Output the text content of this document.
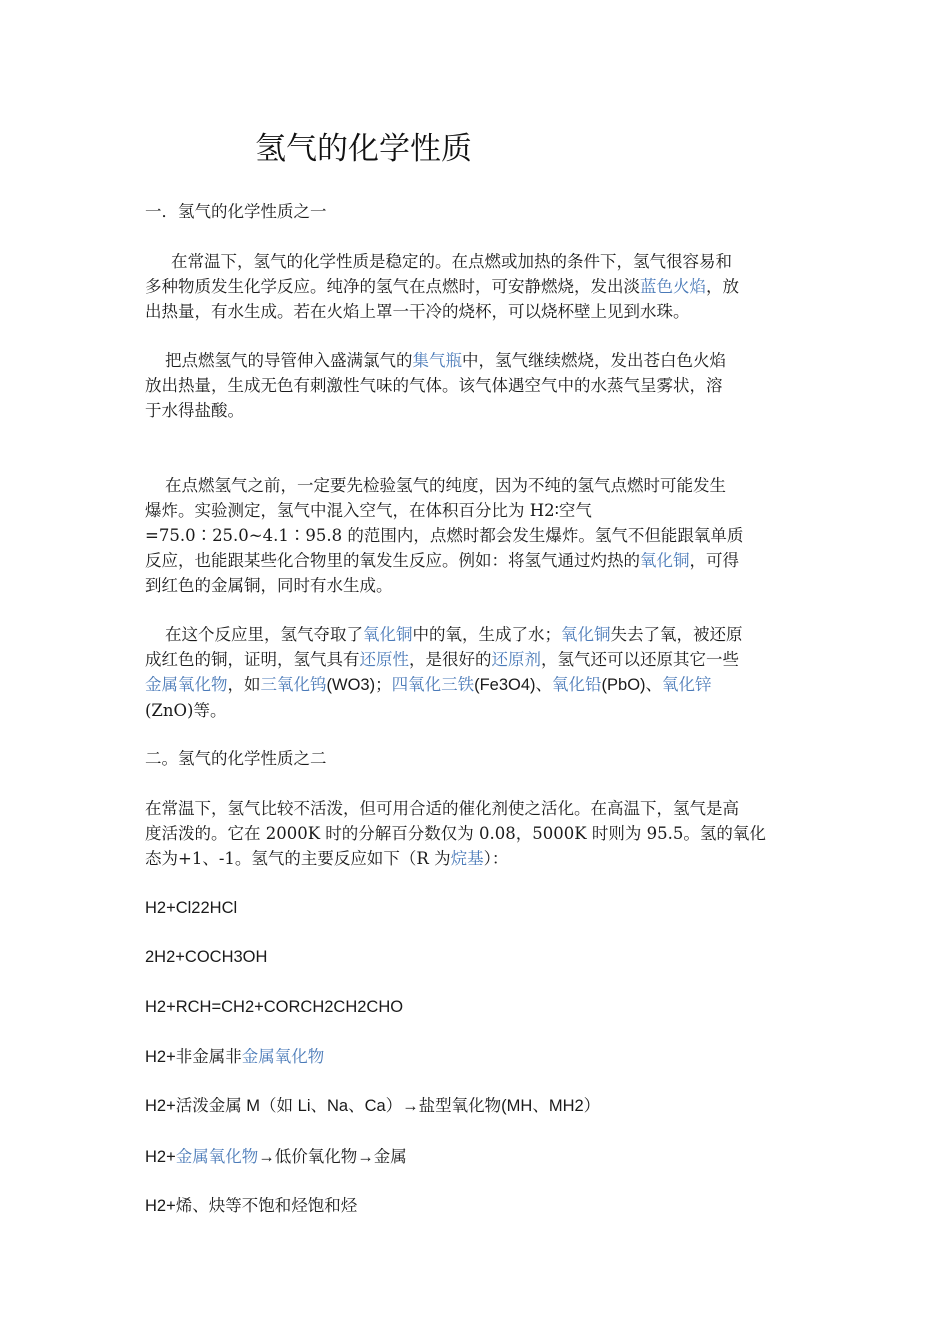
氢气的化学性质
一．氢气的化学性质之一
在常温下，氢气的化学性质是稳定的。在点燃或加热的条件下，氢气很容易和
多种物质发生化学反应。纯净的氢气在点燃时，可安静燃烧，发出淡蓝色火焰，放
出热量，有水生成。若在火焰上罩一干冷的烧杯，可以烧杯壁上见到水珠。
把点燃氢气的导管伸入盛满氯气的集气瓶中，氢气继续燃烧，发出苍白色火焰
放出热量，生成无色有刺激性气味的气体。该气体遇空气中的水蒸气呈雾状，溶
于水得盐酸。
在点燃氢气之前，一定要先检验氢气的纯度，因为不纯的氢气点燃时可能发生
爆炸。实验测定，氢气中混入空气，在体积百分比为 H2∶空气
=75.0∶25.0~4.1∶95.8 的范围内，点燃时都会发生爆炸。氢气不但能跟氧单质
反应，也能跟某些化合物里的氧发生反应。例如：将氢气通过灼热的氧化铜，可得
到红色的金属铜，同时有水生成。
在这个反应里，氢气夺取了氧化铜中的氧，生成了水；氧化铜失去了氧，被还原
成红色的铜，证明，氢气具有还原性，是很好的还原剂，氢气还可以还原其它一些
金属氧化物，如三氧化钨(WO3)；四氧化三铁(Fe3O4)、氧化铅(PbO)、氧化锌
(ZnO)等。
二。氢气的化学性质之二
在常温下，氢气比较不活泼，但可用合适的催化剂使之活化。在高温下，氢气是高
度活泼的。它在 2000K 时的分解百分数仅为 0.08，5000K 时则为 95.5。氢的氧化
态为+1、-1。氢气的主要反应如下（R 为烷基）：
H2+Cl22HCl
2H2+COCH3OH
H2+RCH=CH2+CORCH2CH2CHO
H2+非金属非金属氧化物
H2+活泼金属 M（如 Li、Na、Ca）→盐型氧化物(MH、MH2）
H2+金属氧化物→低价氧化物→金属
H2+烯、炔等不饱和烃饱和烃
